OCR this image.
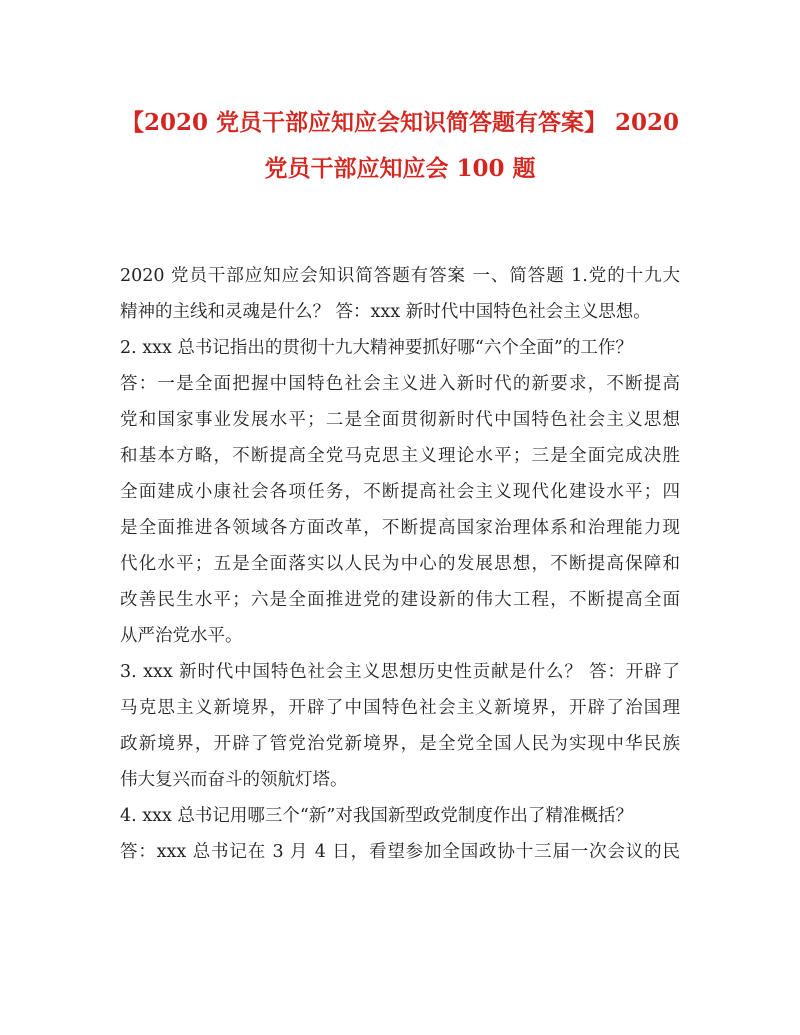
【2020 党员干部应知应会知识简答题有答案】 2020
党员干部应知应会 100 题
2020 党员干部应知应会知识简答题有答案 一、简答题 1.党的十九大
精神的主线和灵魂是什么？ 答：xxx 新时代中国特色社会主义思想。
2. xxx 总书记指出的贯彻十九大精神要抓好哪“六个全面”的工作？
答：一是全面把握中国特色社会主义进入新时代的新要求，不断提高
党和国家事业发展水平；二是全面贯彻新时代中国特色社会主义思想
和基本方略，不断提高全党马克思主义理论水平；三是全面完成决胜
全面建成小康社会各项任务，不断提高社会主义现代化建设水平；四
是全面推进各领域各方面改革，不断提高国家治理体系和治理能力现
代化水平；五是全面落实以人民为中心的发展思想，不断提高保障和
改善民生水平；六是全面推进党的建设新的伟大工程，不断提高全面
从严治党水平。
3. xxx 新时代中国特色社会主义思想历史性贡献是什么？ 答：开辟了
马克思主义新境界，开辟了中国特色社会主义新境界，开辟了治国理
政新境界，开辟了管党治党新境界，是全党全国人民为实现中华民族
伟大复兴而奋斗的领航灯塔。
4. xxx 总书记用哪三个“新”对我国新型政党制度作出了精准概括？
答：xxx 总书记在 3 月 4 日，看望参加全国政协十三届一次会议的民
